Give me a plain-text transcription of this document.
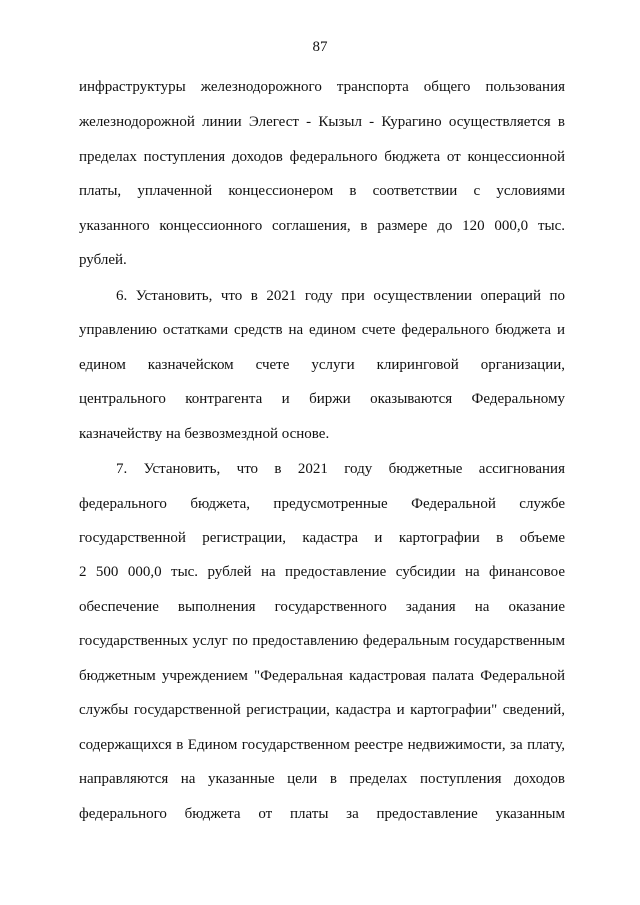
87
инфраструктуры железнодорожного транспорта общего пользования
железнодорожной линии Элегест - Кызыл - Курагино осуществляется в
пределах поступления доходов федерального бюджета от концессионной
платы, уплаченной концессионером в соответствии с условиями
указанного концессионного соглашения, в размере до 120 000,0 тыс.
рублей.
6. Установить, что в 2021 году при осуществлении операций по
управлению остатками средств на едином счете федерального бюджета и
едином казначейском счете услуги клиринговой организации,
центрального контрагента и биржи оказываются Федеральному
казначейству на безвозмездной основе.
7. Установить, что в 2021 году бюджетные ассигнования
федерального бюджета, предусмотренные Федеральной службе
государственной регистрации, кадастра и картографии в объеме
2 500 000,0 тыс. рублей на предоставление субсидии на финансовое
обеспечение выполнения государственного задания на оказание
государственных услуг по предоставлению федеральным государственным
бюджетным учреждением "Федеральная кадастровая палата Федеральной
службы государственной регистрации, кадастра и картографии" сведений,
содержащихся в Едином государственном реестре недвижимости, за плату,
направляются на указанные цели в пределах поступления доходов
федерального бюджета от платы за предоставление указанным
